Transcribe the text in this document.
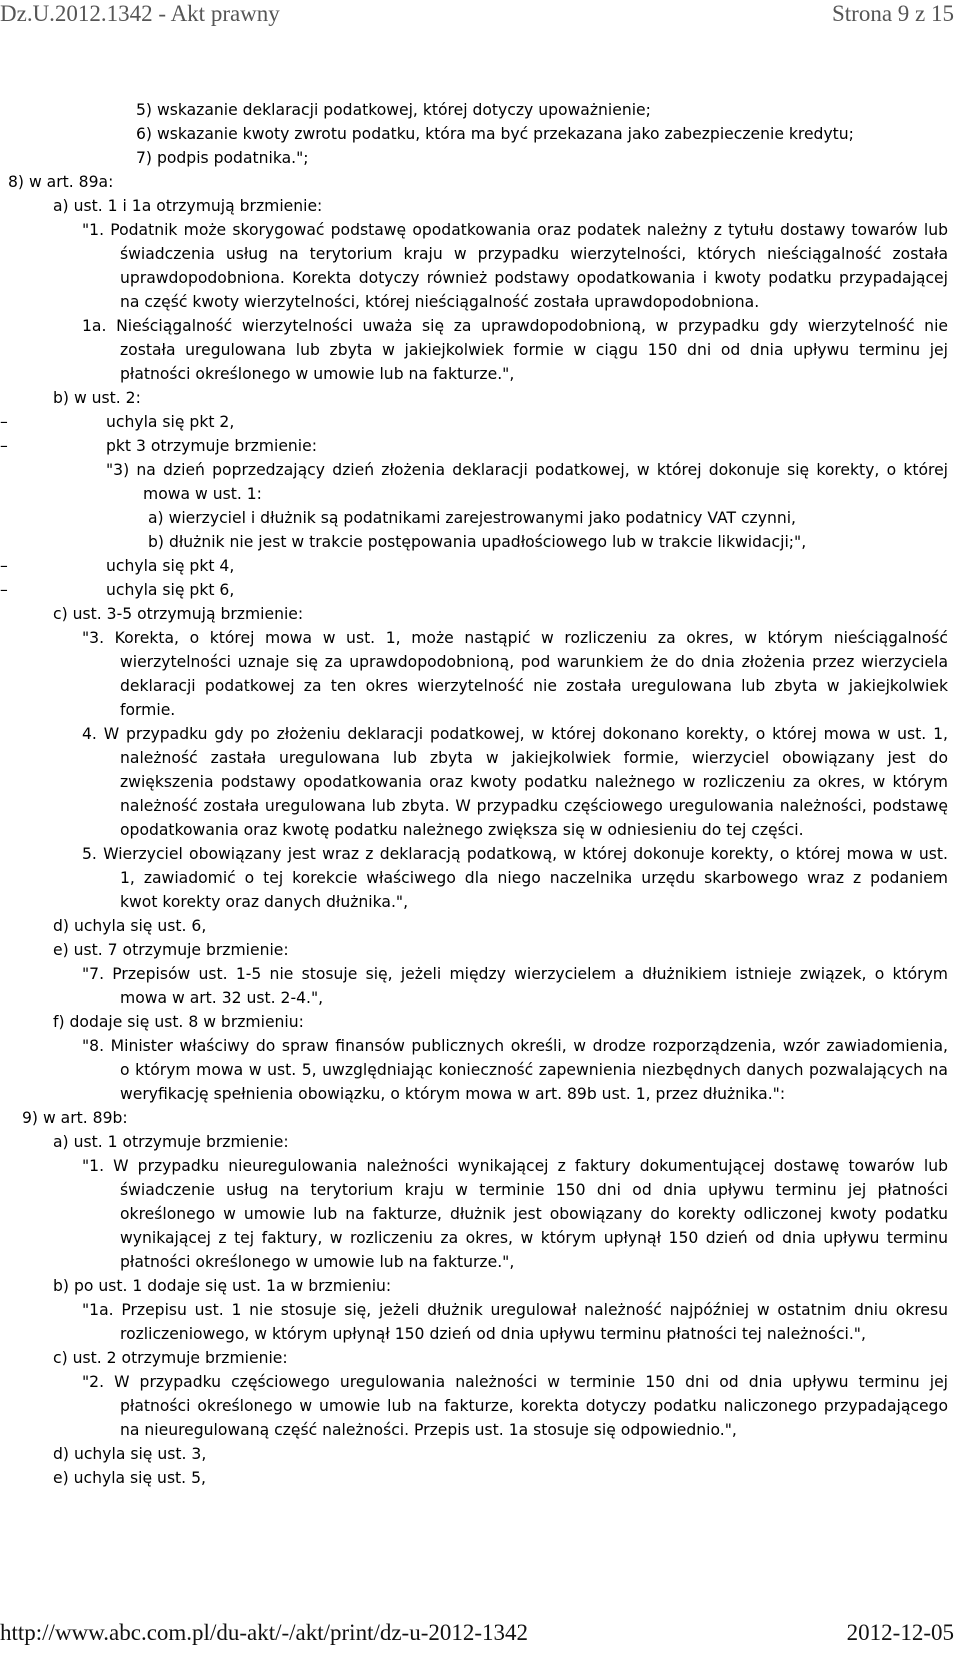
Dz.U.2012.1342 - Akt prawny	Strona 9 z 15
5) wskazanie deklaracji podatkowej, której dotyczy upoważnienie;
6) wskazanie kwoty zwrotu podatku, która ma być przekazana jako zabezpieczenie kredytu;
7) podpis podatnika.";
8) w art. 89a:
a) ust. 1 i 1a otrzymują brzmienie:
"1. Podatnik może skorygować podstawę opodatkowania oraz podatek należny z tytułu dostawy towarów lub
świadczenia usług na terytorium kraju w przypadku wierzytelności, których nieściągalność została
uprawdopodobniona. Korekta dotyczy również podstawy opodatkowania i kwoty podatku przypadającej
na część kwoty wierzytelności, której nieściągalność została uprawdopodobniona.
1a. Nieściągalność wierzytelności uważa się za uprawdopodobnioną, w przypadku gdy wierzytelność nie
została uregulowana lub zbyta w jakiejkolwiek formie w ciągu 150 dni od dnia upływu terminu jej
płatności określonego w umowie lub na fakturze.",
b) w ust. 2:
–	uchyla się pkt 2,
–	pkt 3 otrzymuje brzmienie:
"3) na dzień poprzedzający dzień złożenia deklaracji podatkowej, w której dokonuje się korekty, o której
mowa w ust. 1:
a) wierzyciel i dłużnik są podatnikami zarejestrowanymi jako podatnicy VAT czynni,
b) dłużnik nie jest w trakcie postępowania upadłościowego lub w trakcie likwidacji;",
–	uchyla się pkt 4,
–	uchyla się pkt 6,
c) ust. 3-5 otrzymują brzmienie:
"3. Korekta, o której mowa w ust. 1, może nastąpić w rozliczeniu za okres, w którym nieściągalność
wierzytelności uznaje się za uprawdopodobnioną, pod warunkiem że do dnia złożenia przez wierzyciela
deklaracji podatkowej za ten okres wierzytelność nie została uregulowana lub zbyta w jakiejkolwiek
formie.
4. W przypadku gdy po złożeniu deklaracji podatkowej, w której dokonano korekty, o której mowa w ust. 1,
należność zastała uregulowana lub zbyta w jakiejkolwiek formie, wierzyciel obowiązany jest do
zwiększenia podstawy opodatkowania oraz kwoty podatku należnego w rozliczeniu za okres, w którym
należność została uregulowana lub zbyta. W przypadku częściowego uregulowania należności, podstawę
opodatkowania oraz kwotę podatku należnego zwiększa się w odniesieniu do tej części.
5. Wierzyciel obowiązany jest wraz z deklaracją podatkową, w której dokonuje korekty, o której mowa w ust.
1, zawiadomić o tej korekcie właściwego dla niego naczelnika urzędu skarbowego wraz z podaniem
kwot korekty oraz danych dłużnika.",
d) uchyla się ust. 6,
e) ust. 7 otrzymuje brzmienie:
"7. Przepisów ust. 1-5 nie stosuje się, jeżeli między wierzycielem a dłużnikiem istnieje związek, o którym
mowa w art. 32 ust. 2-4.",
f) dodaje się ust. 8 w brzmieniu:
"8. Minister właściwy do spraw finansów publicznych określi, w drodze rozporządzenia, wzór zawiadomienia,
o którym mowa w ust. 5, uwzględniając konieczność zapewnienia niezbędnych danych pozwalających na
weryfikację spełnienia obowiązku, o którym mowa w art. 89b ust. 1, przez dłużnika.":
9) w art. 89b:
a) ust. 1 otrzymuje brzmienie:
"1. W przypadku nieuregulowania należności wynikającej z faktury dokumentującej dostawę towarów lub
świadczenie usług na terytorium kraju w terminie 150 dni od dnia upływu terminu jej płatności
określonego w umowie lub na fakturze, dłużnik jest obowiązany do korekty odliczonej kwoty podatku
wynikającej z tej faktury, w rozliczeniu za okres, w którym upłynął 150 dzień od dnia upływu terminu
płatności określonego w umowie lub na fakturze.",
b) po ust. 1 dodaje się ust. 1a w brzmieniu:
"1a. Przepisu ust. 1 nie stosuje się, jeżeli dłużnik uregulował należność najpóźniej w ostatnim dniu okresu
rozliczeniowego, w którym upłynął 150 dzień od dnia upływu terminu płatności tej należności.",
c) ust. 2 otrzymuje brzmienie:
"2. W przypadku częściowego uregulowania należności w terminie 150 dni od dnia upływu terminu jej
płatności określonego w umowie lub na fakturze, korekta dotyczy podatku naliczonego przypadającego
na nieuregulowaną część należności. Przepis ust. 1a stosuje się odpowiednio.",
d) uchyla się ust. 3,
e) uchyla się ust. 5,
http://www.abc.com.pl/du-akt/-/akt/print/dz-u-2012-1342	2012-12-05
